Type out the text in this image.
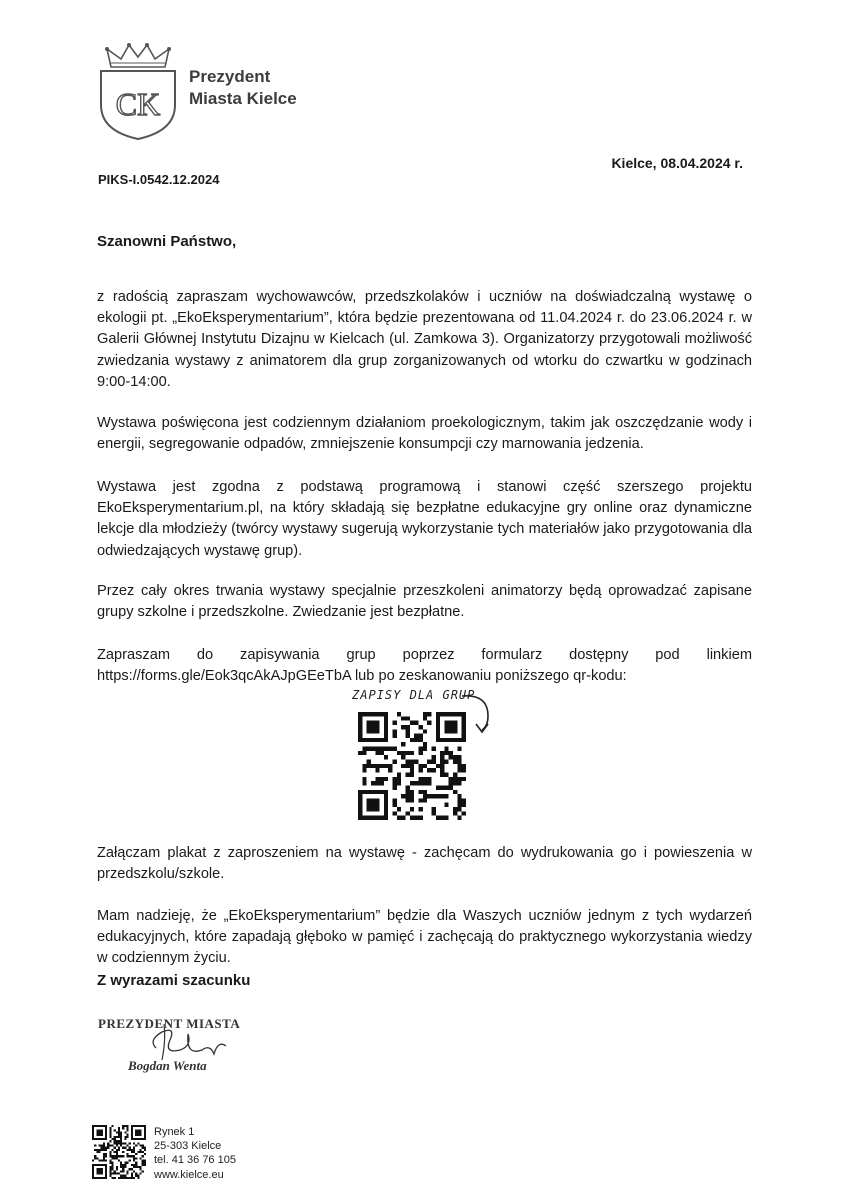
CK
Prezydent
Miasta Kielce
Kielce, 08.04.2024 r.
PIKS-I.0542.12.2024
Szanowni Państwo,

z radością zapraszam wychowawców, przedszkolaków i uczniów na doświadczalną wystawę o ekologii pt. „EkoEksperymentarium”, która będzie prezentowana od 11.04.2024 r. do 23.06.2024 r. w Galerii Głównej Instytutu Dizajnu w Kielcach (ul. Zamkowa 3). Organizatorzy przygotowali możliwość zwiedzania wystawy z animatorem dla grup zorganizowanych od wtorku do czwartku w godzinach 9:00-14:00.

Wystawa poświęcona jest codziennym działaniom proekologicznym, takim jak oszczędzanie wody i energii, segregowanie odpadów, zmniejszenie konsumpcji czy marnowania jedzenia.

Wystawa jest zgodna z podstawą programową i stanowi część szerszego projektu EkoEksperymentarium.pl, na który składają się bezpłatne edukacyjne gry online oraz dynamiczne lekcje dla młodzieży (twórcy wystawy sugerują wykorzystanie tych materiałów jako przygotowania dla odwiedzających wystawę grup).

Przez cały okres trwania wystawy specjalnie przeszkoleni animatorzy będą oprowadzać zapisane grupy szkolne i przedszkolne. Zwiedzanie jest bezpłatne.

Zapraszam do zapisywania grup poprzez formularz dostępny pod linkiem https://forms.gle/Eok3qcAkAJpGEeTbA lub po zeskanowaniu poniższego qr-kodu:

ZAPISY DLA GRUP

Załączam plakat z zaproszeniem na wystawę - zachęcam do wydrukowania go i powieszenia w przedszkolu/szkole.

Mam nadzieję, że „EkoEksperymentarium” będzie dla Waszych uczniów jednym z tych wydarzeń edukacyjnych, które zapadają głęboko w pamięć i zachęcają do praktycznego wykorzystania wiedzy w codziennym życiu.

Z wyrazami szacunku
PREZYDENT MIASTA
Bogdan Wenta
Rynek 1
25-303 Kielce
tel. 41 36 76 105
www.kielce.eu
